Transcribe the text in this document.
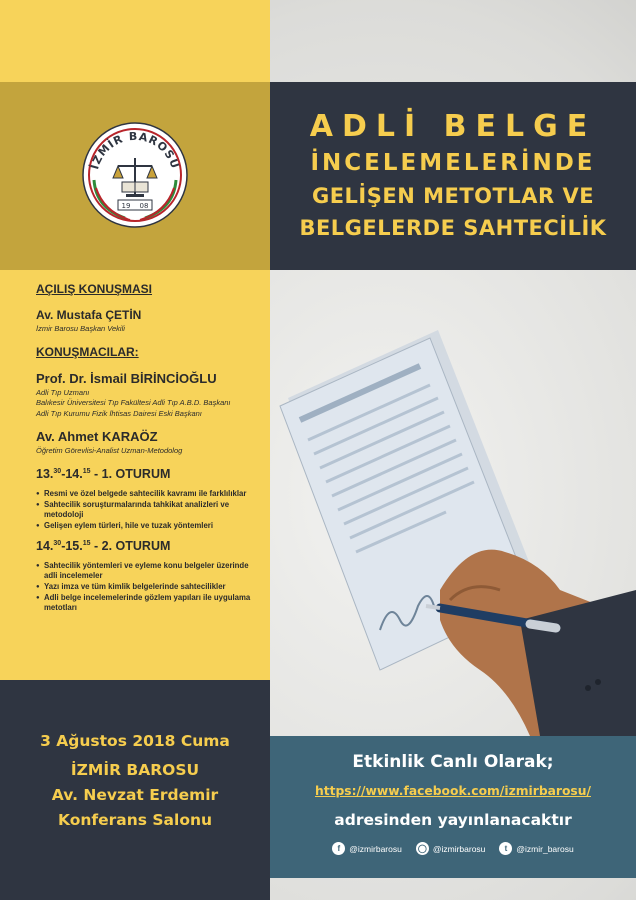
İZMİR BAROSU
19 08
ADLİ BELGE
İNCELEMELERİNDE
GELİŞEN METOTLAR VE
BELGELERDE SAHTECİLİK
AÇILIŞ KONUŞMASI
Av. Mustafa ÇETİN
İzmir Barosu Başkan Vekili
KONUŞMACILAR:
Prof. Dr. İsmail BİRİNCİOĞLU
Adli Tıp Uzmanı
Balıkesir Üniversitesi Tıp Fakültesi Adli Tıp A.B.D. Başkanı
Adli Tıp Kurumu Fizik İhtisas Dairesi Eski Başkanı
Av. Ahmet KARAÖZ
Öğretim Görevlisi-Analist Uzman-Metodolog
13.30-14.15 - 1. OTURUM
● Resmi ve özel belgede sahtecilik kavramı ile farklılıklar
● Sahtecilik soruşturmalarında tahkikat analizleri ve metodoloji
● Gelişen eylem türleri, hile ve tuzak yöntemleri
14.30-15.15 - 2. OTURUM
● Sahtecilik yöntemleri ve eyleme konu belgeler üzerinde adli incelemeler
● Yazı imza ve tüm kimlik belgelerinde sahtecilikler
● Adli belge incelemelerinde gözlem yapıları ile uygulama metotları
3 Ağustos 2018 Cuma
İZMİR BAROSU
Av. Nevzat Erdemir
Konferans Salonu
Etkinlik Canlı Olarak;
https://www.facebook.com/izmirbarosu/
adresinden yayınlanacaktır
f	@izmirbarosu ◯ @izmirbarosu	t	@izmir_barosu
